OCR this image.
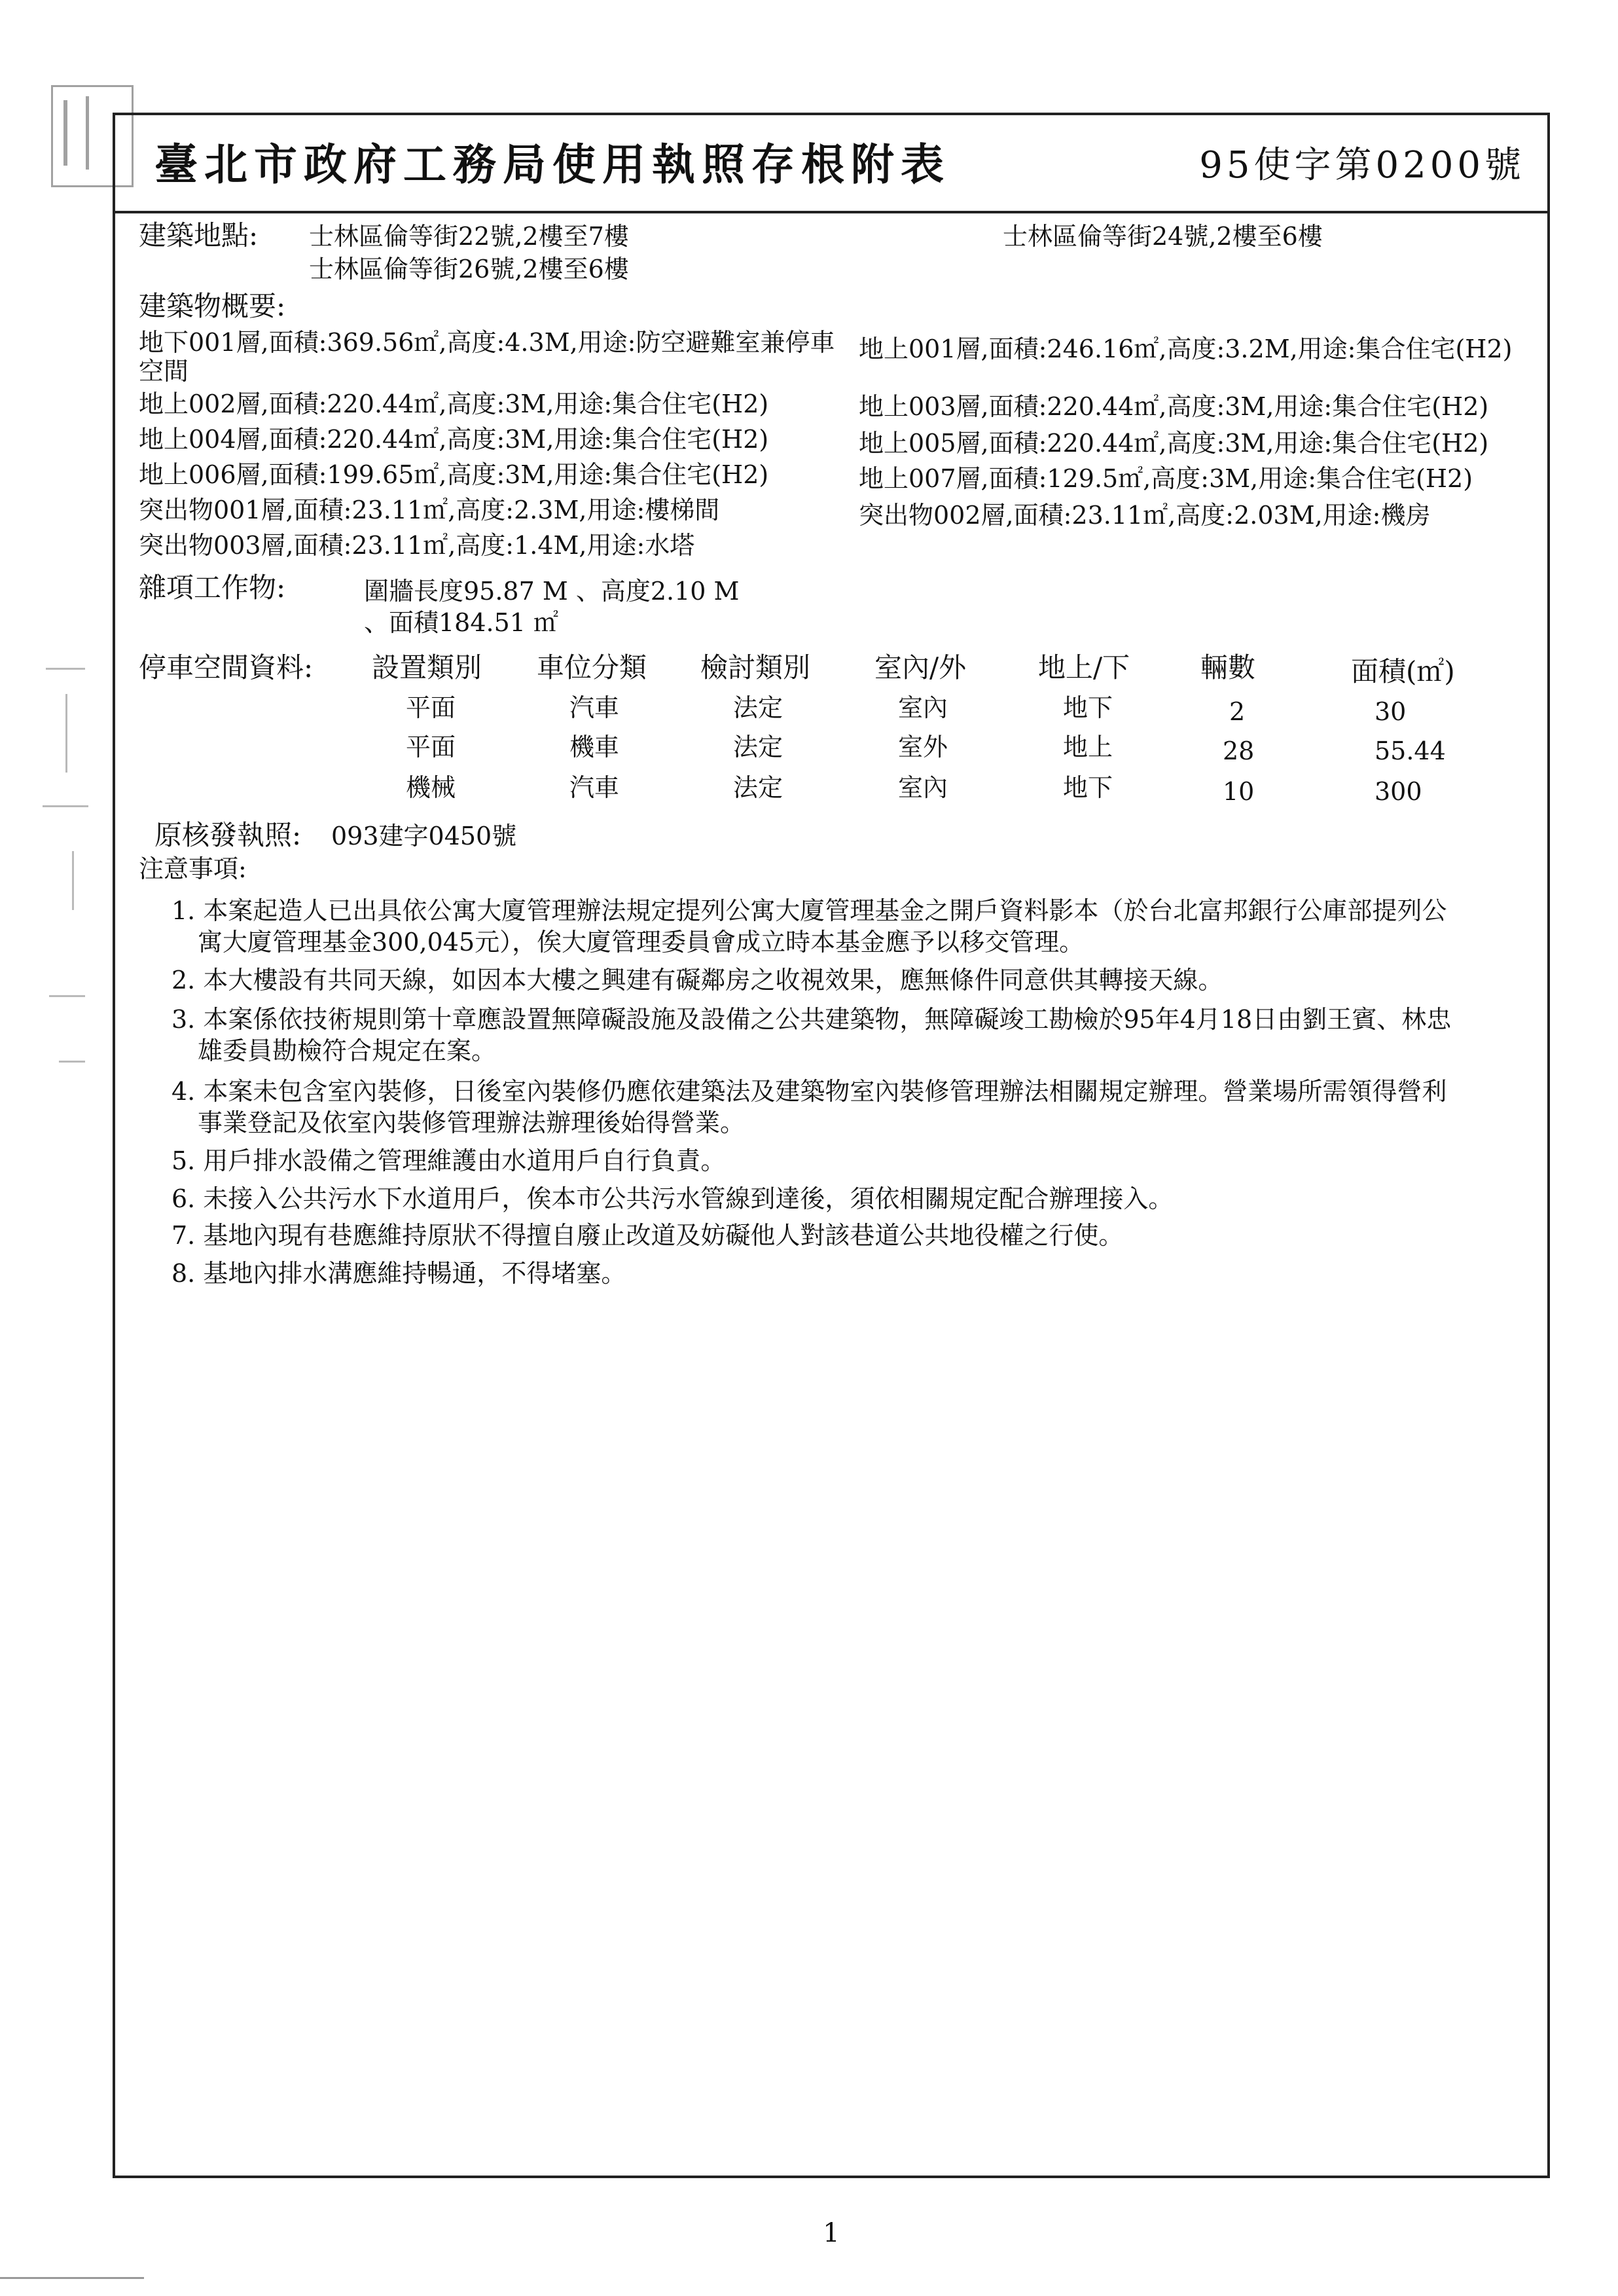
臺北市政府工務局使用執照存根附表	95使字第0200號
建築地點: 士林區倫等街22號,2樓至7樓	士林區倫等街24號,2樓至6樓
士林區倫等街26號,2樓至6樓
建築物概要:
地下001層,面積:369.56㎡,高度:4.3M,用途:防空避難室兼停車
空間
地上002層,面積:220.44㎡,高度:3M,用途:集合住宅(H2)
地上004層,面積:220.44㎡,高度:3M,用途:集合住宅(H2)
地上006層,面積:199.65㎡,高度:3M,用途:集合住宅(H2)
突出物001層,面積:23.11㎡,高度:2.3M,用途:樓梯間
突出物003層,面積:23.11㎡,高度:1.4M,用途:水塔
地上001層,面積:246.16㎡,高度:3.2M,用途:集合住宅(H2)
地上003層,面積:220.44㎡,高度:3M,用途:集合住宅(H2)
地上005層,面積:220.44㎡,高度:3M,用途:集合住宅(H2)
地上007層,面積:129.5㎡,高度:3M,用途:集合住宅(H2)
突出物002層,面積:23.11㎡,高度:2.03M,用途:機房
雜項工作物:	圍牆長度95.87 M 、高度2.10 M
、面積184.51 ㎡
停車空間資料: 設置類別 車位分類 檢討類別 室內/外	地上/下	輛數	面積(㎡)
平面	汽車	法定	室內	地下	2	30
平面	機車	法定	室外	地上	28	55.44
機械	汽車	法定	室內	地下	10	300
原核發執照: 093建字0450號
注意事項:
1. 本案起造人已出具依公寓大廈管理辦法規定提列公寓大廈管理基金之開戶資料影本（於台北富邦銀行公庫部提列公
寓大廈管理基金300,045元），俟大廈管理委員會成立時本基金應予以移交管理。
2. 本大樓設有共同天線，如因本大樓之興建有礙鄰房之收視效果，應無條件同意供其轉接天線。
3. 本案係依技術規則第十章應設置無障礙設施及設備之公共建築物，無障礙竣工勘檢於95年4月18日由劉王賓、林忠
雄委員勘檢符合規定在案。
4. 本案未包含室內裝修，日後室內裝修仍應依建築法及建築物室內裝修管理辦法相關規定辦理。營業場所需領得營利
事業登記及依室內裝修管理辦法辦理後始得營業。
5. 用戶排水設備之管理維護由水道用戶自行負責。
6. 未接入公共污水下水道用戶，俟本市公共污水管線到達後，須依相關規定配合辦理接入。
7. 基地內現有巷應維持原狀不得擅自廢止改道及妨礙他人對該巷道公共地役權之行使。
8. 基地內排水溝應維持暢通，不得堵塞。
1
